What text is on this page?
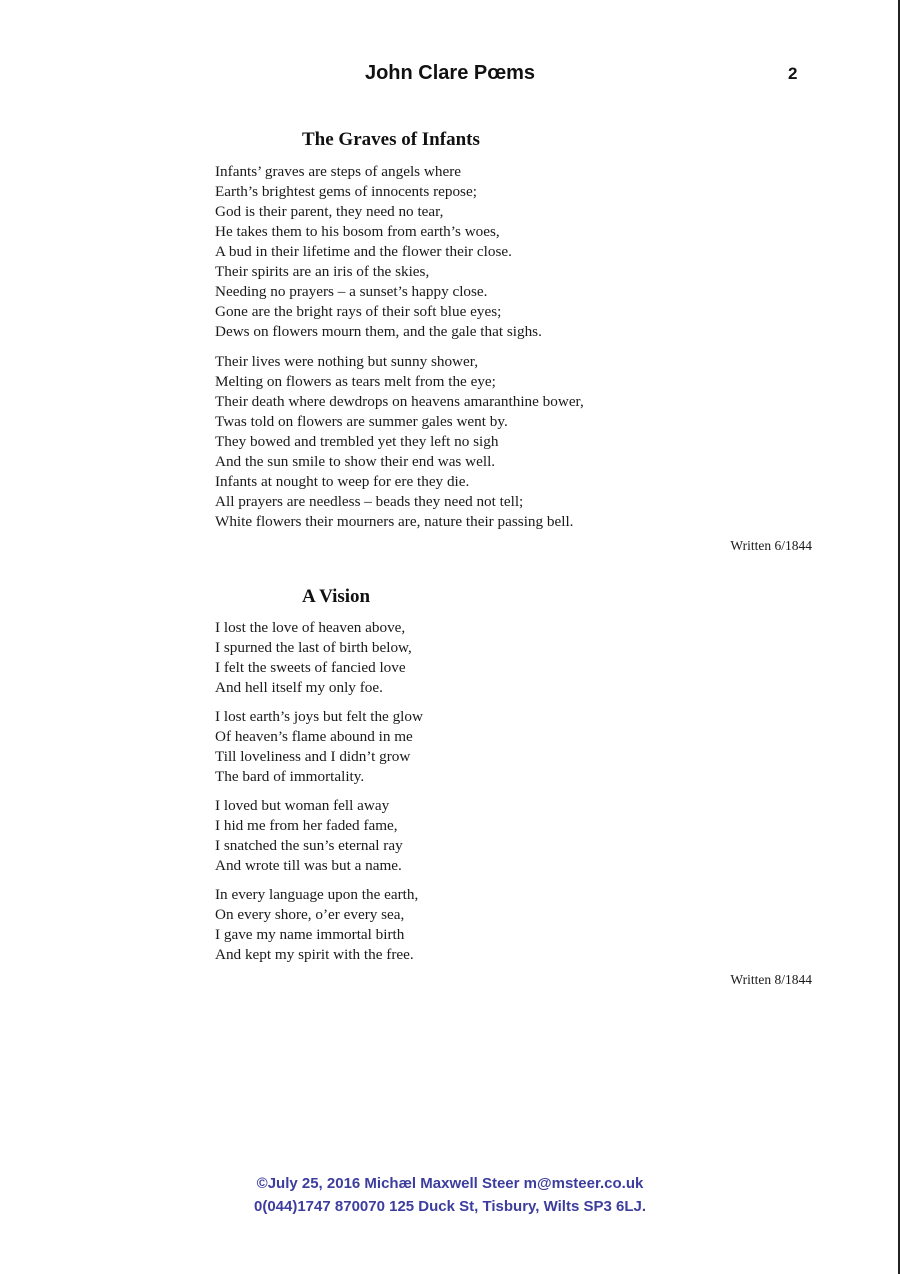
John Clare Pœms	2
The Graves of Infants
Infants’ graves are steps of angels where
Earth’s brightest gems of innocents repose;
God is their parent, they need no tear,
He takes them to his bosom from earth’s woes,
A bud in their lifetime and the flower their close.
Their spirits are an iris of the skies,
Needing no prayers – a sunset’s happy close.
Gone are the bright rays of their soft blue eyes;
Dews on flowers mourn them, and the gale that sighs.
Their lives were nothing but sunny shower,
Melting on flowers as tears melt from the eye;
Their death where dewdrops on heavens amaranthine bower,
Twas told on flowers are summer gales went by.
They bowed and trembled yet they left no sigh
And the sun smile to show their end was well.
Infants at nought to weep for ere they die.
All prayers are needless – beads they need not tell;
White flowers their mourners are, nature their passing bell.
Written 6/1844
A Vision
I lost the love of heaven above,
I spurned the last of birth below,
I felt the sweets of fancied love
And hell itself my only foe.
I lost earth’s joys but felt the glow
Of heaven’s flame abound in me
Till loveliness and I didn’t grow
The bard of immortality.
I loved but woman fell away
I hid me from her faded fame,
I snatched the sun’s eternal ray
And wrote till was but a name.
In every language upon the earth,
On every shore, o’er every sea,
I gave my name immortal birth
And kept my spirit with the free.
Written 8/1844
©July 25, 2016 Michæl Maxwell Steer m@msteer.co.uk
0(044)1747 870070 125 Duck St, Tisbury, Wilts SP3 6LJ.
